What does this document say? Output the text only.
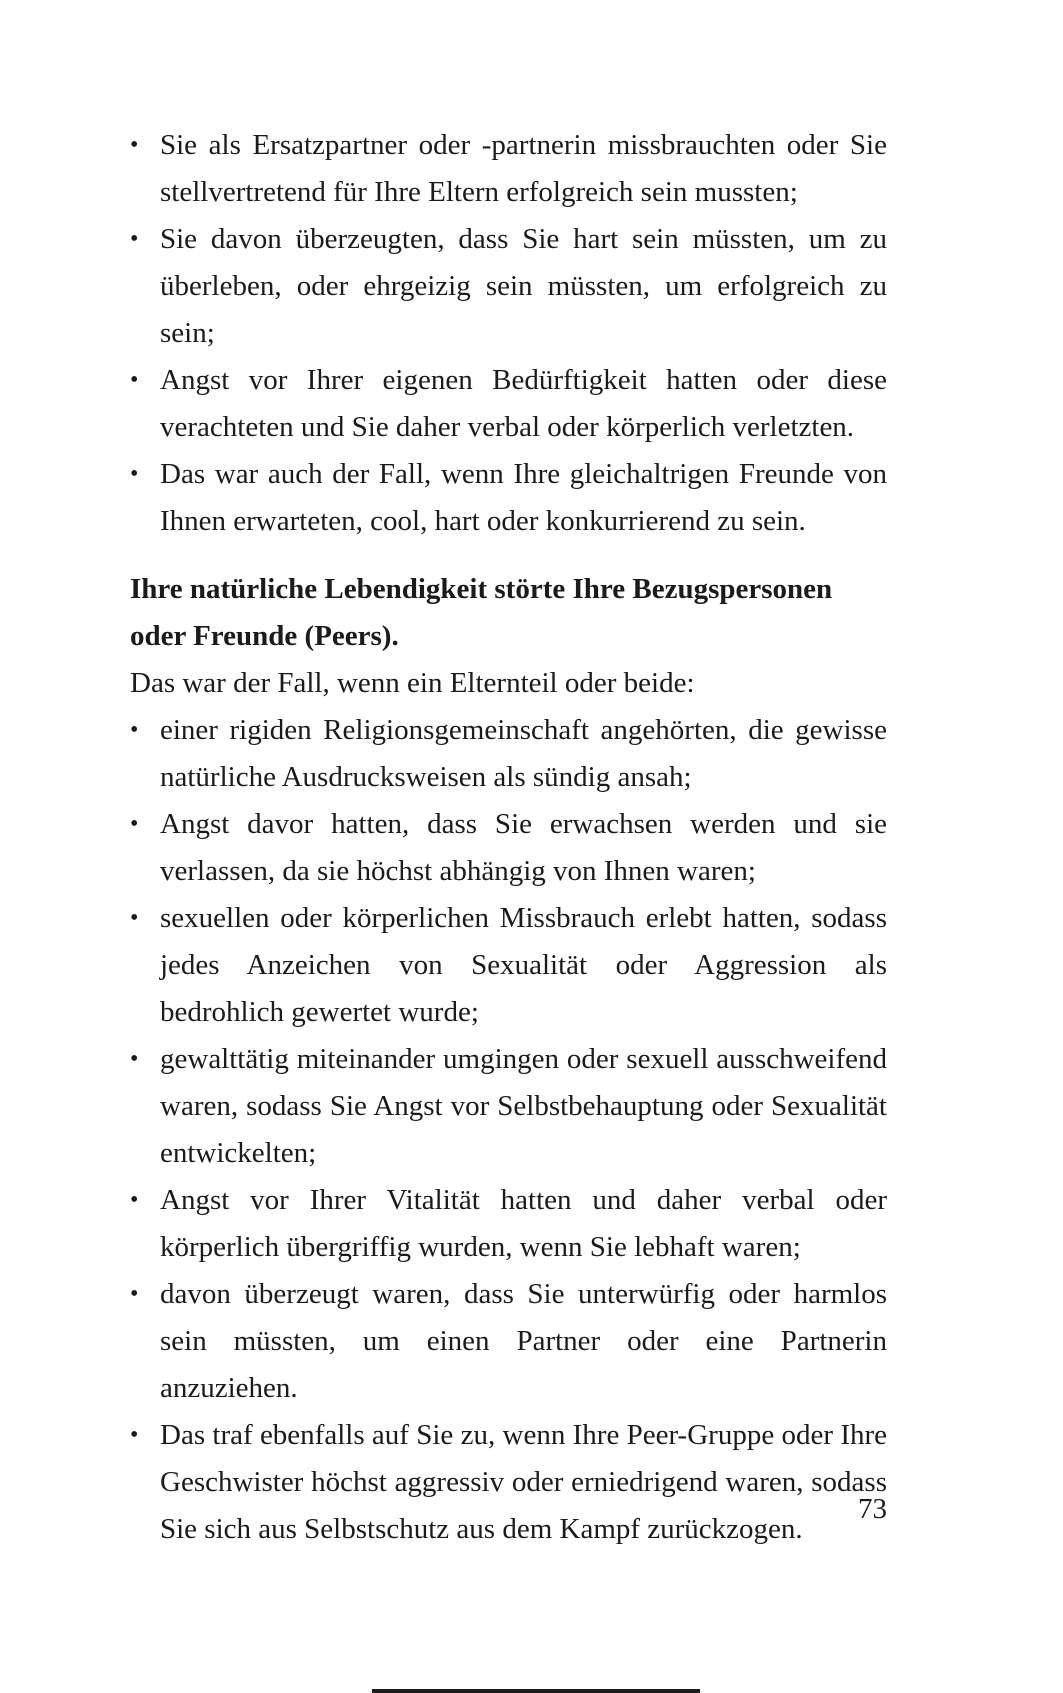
• Sie als Ersatzpartner oder -partnerin missbrauchten oder Sie stellvertretend für Ihre Eltern erfolgreich sein mussten;
• Sie davon überzeugten, dass Sie hart sein müssten, um zu überleben, oder ehrgeizig sein müssten, um erfolgreich zu sein;
• Angst vor Ihrer eigenen Bedürftigkeit hatten oder diese verachteten und Sie daher verbal oder körperlich verletzten.
• Das war auch der Fall, wenn Ihre gleichaltrigen Freunde von Ihnen erwarteten, cool, hart oder konkurrierend zu sein.
Ihre natürliche Lebendigkeit störte Ihre Bezugspersonen oder Freunde (Peers).
Das war der Fall, wenn ein Elternteil oder beide:
• einer rigiden Religionsgemeinschaft angehörten, die gewisse natürliche Ausdrucksweisen als sündig ansah;
• Angst davor hatten, dass Sie erwachsen werden und sie verlassen, da sie höchst abhängig von Ihnen waren;
• sexuellen oder körperlichen Missbrauch erlebt hatten, sodass jedes Anzeichen von Sexualität oder Aggression als bedrohlich gewertet wurde;
• gewalttätig miteinander umgingen oder sexuell ausschweifend waren, sodass Sie Angst vor Selbstbehauptung oder Sexualität entwickelten;
• Angst vor Ihrer Vitalität hatten und daher verbal oder körperlich übergriffig wurden, wenn Sie lebhaft waren;
• davon überzeugt waren, dass Sie unterwürfig oder harmlos sein müssten, um einen Partner oder eine Partnerin anzuziehen.
• Das traf ebenfalls auf Sie zu, wenn Ihre Peer-Gruppe oder Ihre Geschwister höchst aggressiv oder erniedrigend waren, sodass Sie sich aus Selbstschutz aus dem Kampf zurückzogen.
73
